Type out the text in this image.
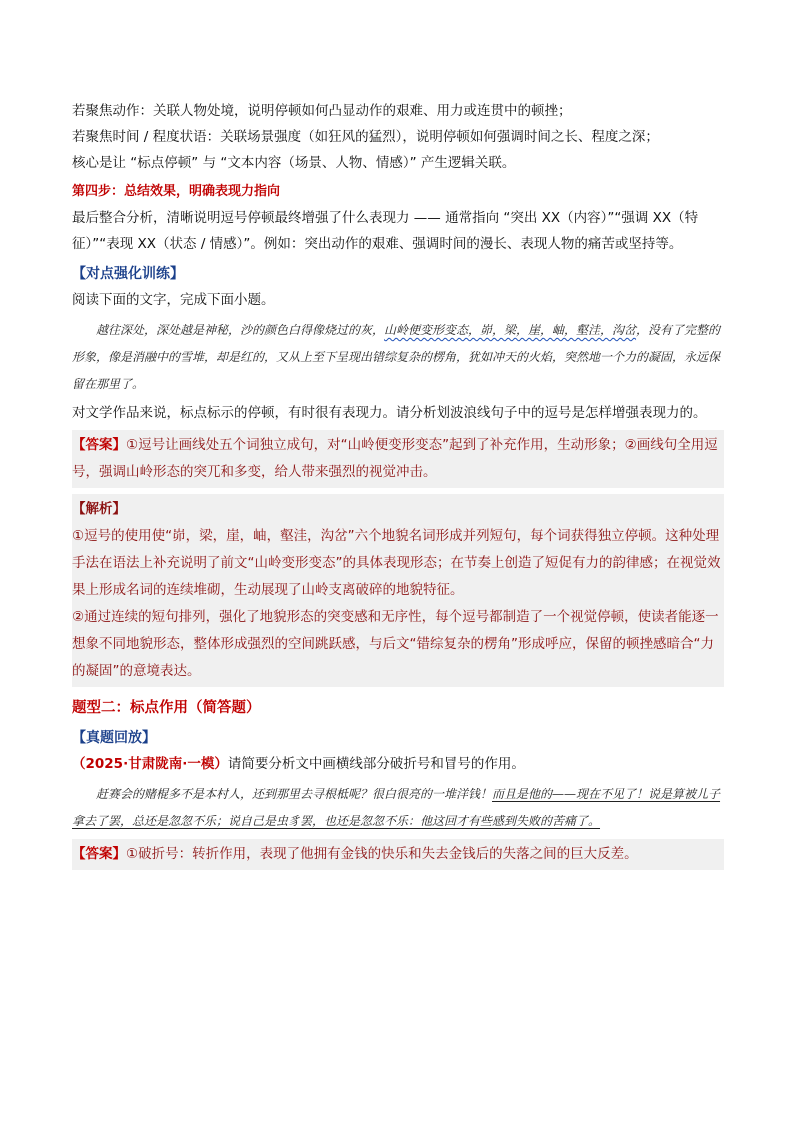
若聚焦动作：关联人物处境，说明停顿如何凸显动作的艰难、用力或连贯中的顿挫；

若聚焦时间 / 程度状语：关联场景强度（如狂风的猛烈），说明停顿如何强调时间之长、程度之深；

核心是让 “标点停顿” 与 “文本内容（场景、人物、情感）” 产生逻辑关联。

第四步：总结效果，明确表现力指向

最后整合分析，清晰说明逗号停顿最终增强了什么表现力 —— 通常指向 “突出 XX（内容）”“强调 XX（特征）”“表现 XX（状态 / 情感）”。例如：突出动作的艰难、强调时间的漫长、表现人物的痛苦或坚持等。

【对点强化训练】

阅读下面的文字，完成下面小题。

越往深处，深处越是神秘，沙的颜色白得像烧过的灰，山岭便变形变态，峁，梁，崖，岫，壑洼，沟岔，没有了完整的形象，像是消融中的雪堆，却是红的，又从上至下呈现出错综复杂的楞角，犹如冲天的火焰，突然地一个力的凝固，永远保留在那里了。

对文学作品来说，标点标示的停顿，有时很有表现力。请分析划波浪线句子中的逗号是怎样增强表现力的。

【答案】①逗号让画线处五个词独立成句，对“山岭便变形变态”起到了补充作用，生动形象；②画线句全用逗号，强调山岭形态的突兀和多变，给人带来强烈的视觉冲击。

【解析】

①逗号的使用使“峁，梁，崖，岫，壑洼，沟岔”六个地貌名词形成并列短句，每个词获得独立停顿。这种处理手法在语法上补充说明了前文“山岭变形变态”的具体表现形态；在节奏上创造了短促有力的韵律感；在视觉效果上形成名词的连续堆砌，生动展现了山岭支离破碎的地貌特征。

②通过连续的短句排列，强化了地貌形态的突变感和无序性，每个逗号都制造了一个视觉停顿，使读者能逐一想象不同地貌形态，整体形成强烈的空间跳跃感，与后文“错综复杂的楞角”形成呼应，保留的顿挫感暗合“力的凝固”的意境表达。

题型二：标点作用（简答题）

【真题回放】

（2025·甘肃陇南·一模）请简要分析文中画横线部分破折号和冒号的作用。

赶赛会的赌棍多不是本村人，还到那里去寻根柢呢？很白很亮的一堆洋钱！而且是他的——现在不见了！说是算被儿子拿去了罢，总还是忽忽不乐；说自己是虫豸罢，也还是忽忽不乐：他这回才有些感到失败的苦痛了。

【答案】①破折号：转折作用，表现了他拥有金钱的快乐和失去金钱后的失落之间的巨大反差。
